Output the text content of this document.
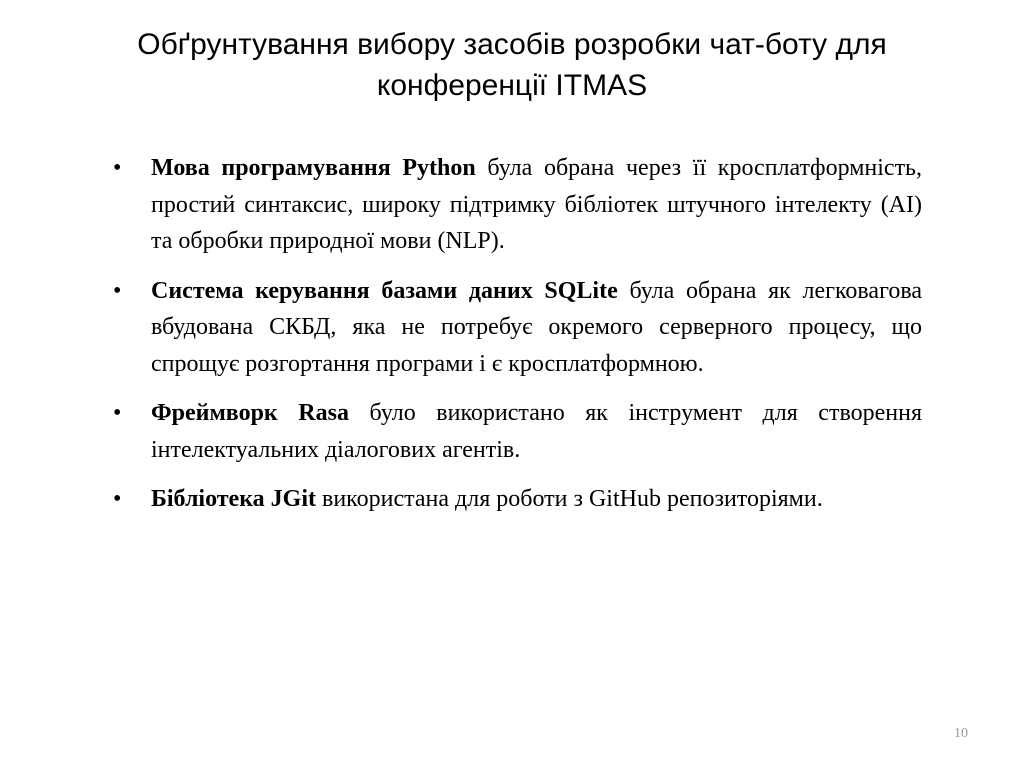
Обґрунтування вибору засобів розробки чат-боту для
конференції ITMAS
• Мова програмування Python була обрана через її кросплатформність, простий синтаксис, широку підтримку бібліотек штучного інтелекту (AI) та обробки природної мови (NLP).
• Система керування базами даних SQLite була обрана як легковагова вбудована СКБД, яка не потребує окремого серверного процесу, що спрощує розгортання програми і є кросплатформною.
• Фреймворк Rasa було використано як інструмент для створення інтелектуальних діалогових агентів.
• Бібліотека JGit використана для роботи з GitHub репозиторіями.
10
